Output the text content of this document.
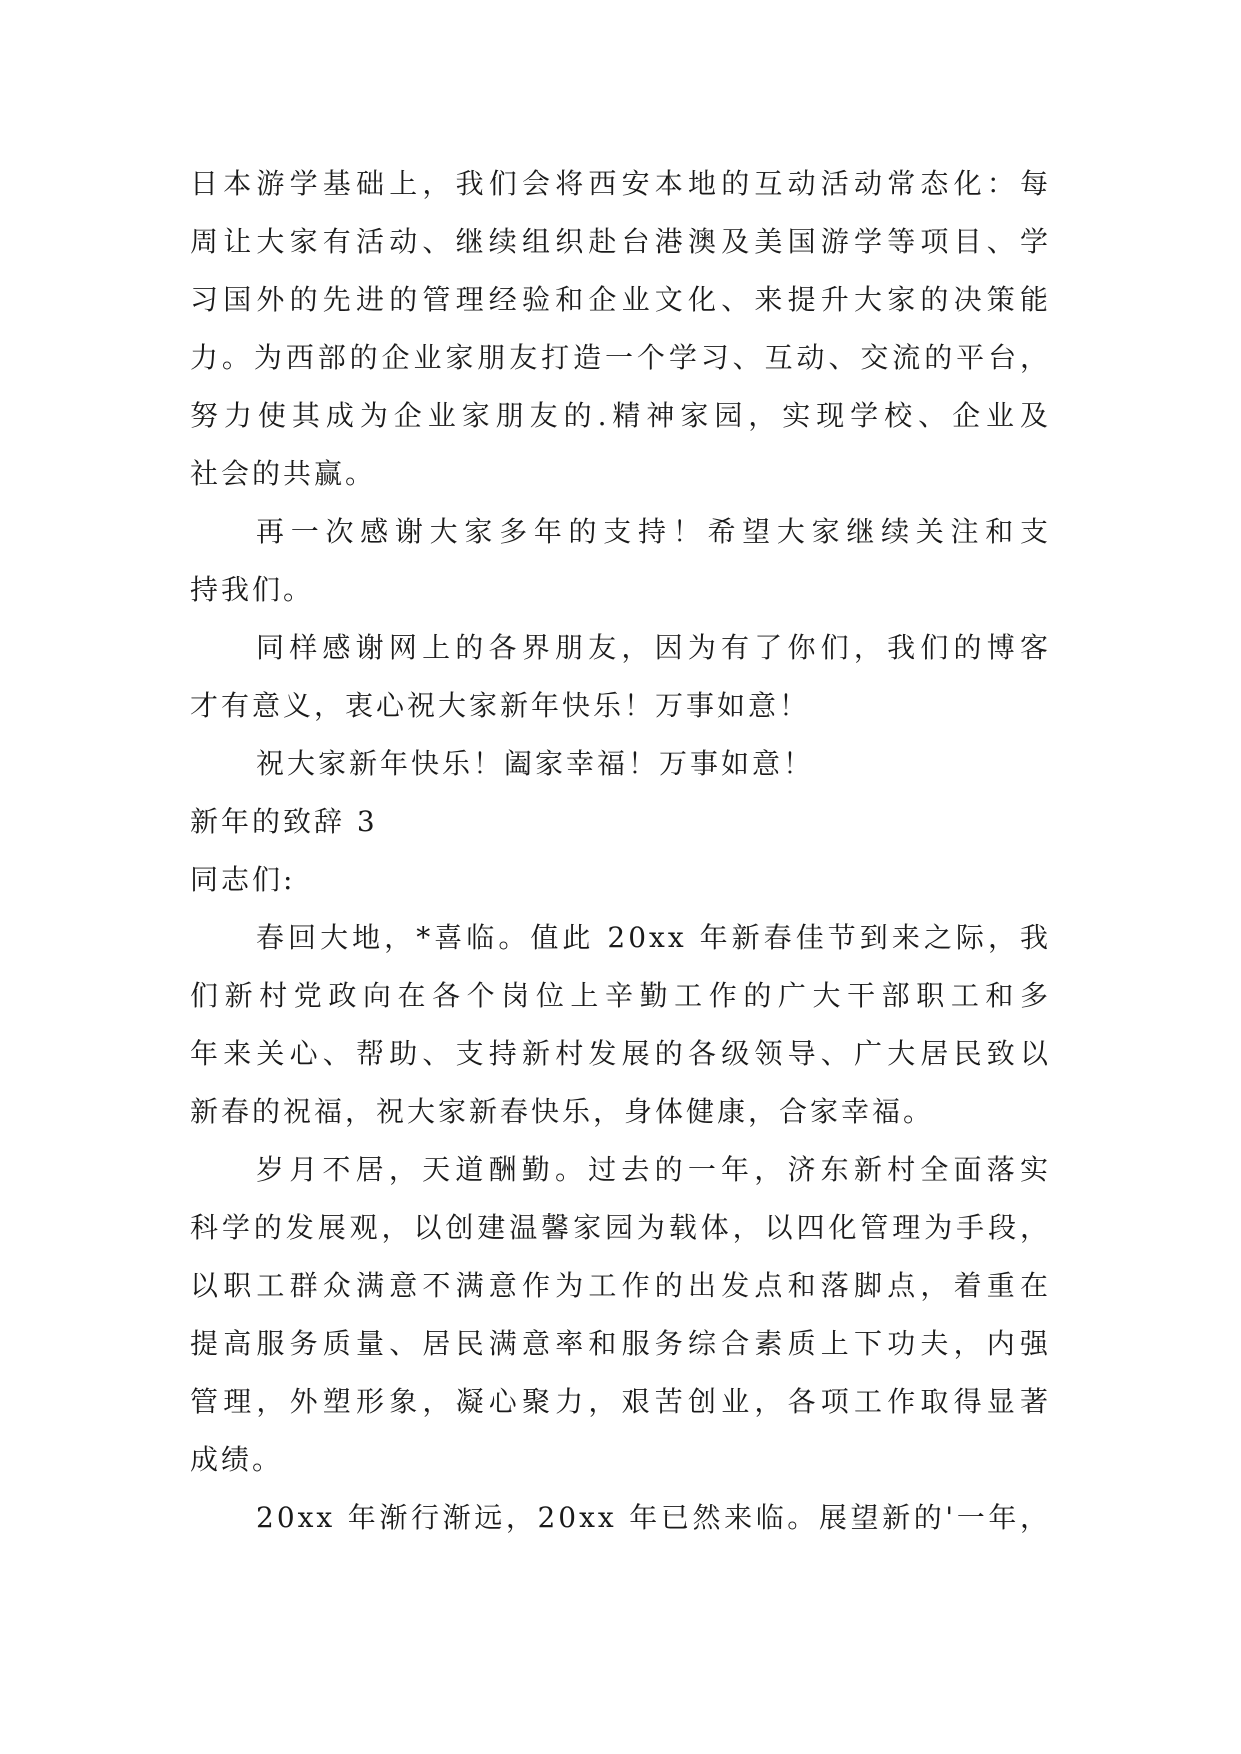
日本游学基础上，我们会将西安本地的互动活动常态化：每
周让大家有活动、继续组织赴台港澳及美国游学等项目、学
习国外的先进的管理经验和企业文化、来提升大家的决策能
力。为西部的企业家朋友打造一个学习、互动、交流的平台，
努力使其成为企业家朋友的.精神家园，实现学校、企业及
社会的共赢。
再一次感谢大家多年的支持！希望大家继续关注和支
持我们。
同样感谢网上的各界朋友，因为有了你们，我们的博客
才有意义，衷心祝大家新年快乐！万事如意！
祝大家新年快乐！阖家幸福！万事如意！
新年的致辞 3
同志们:
春回大地，*喜临。值此 20xx 年新春佳节到来之际，我
们新村党政向在各个岗位上辛勤工作的广大干部职工和多
年来关心、帮助、支持新村发展的各级领导、广大居民致以
新春的祝福，祝大家新春快乐，身体健康，合家幸福。
岁月不居，天道酬勤。过去的一年，济东新村全面落实
科学的发展观，以创建温馨家园为载体，以四化管理为手段，
以职工群众满意不满意作为工作的出发点和落脚点，着重在
提高服务质量、居民满意率和服务综合素质上下功夫，内强
管理，外塑形象，凝心聚力，艰苦创业，各项工作取得显著
成绩。
20xx 年渐行渐远，20xx 年已然来临。展望新的'一年，
